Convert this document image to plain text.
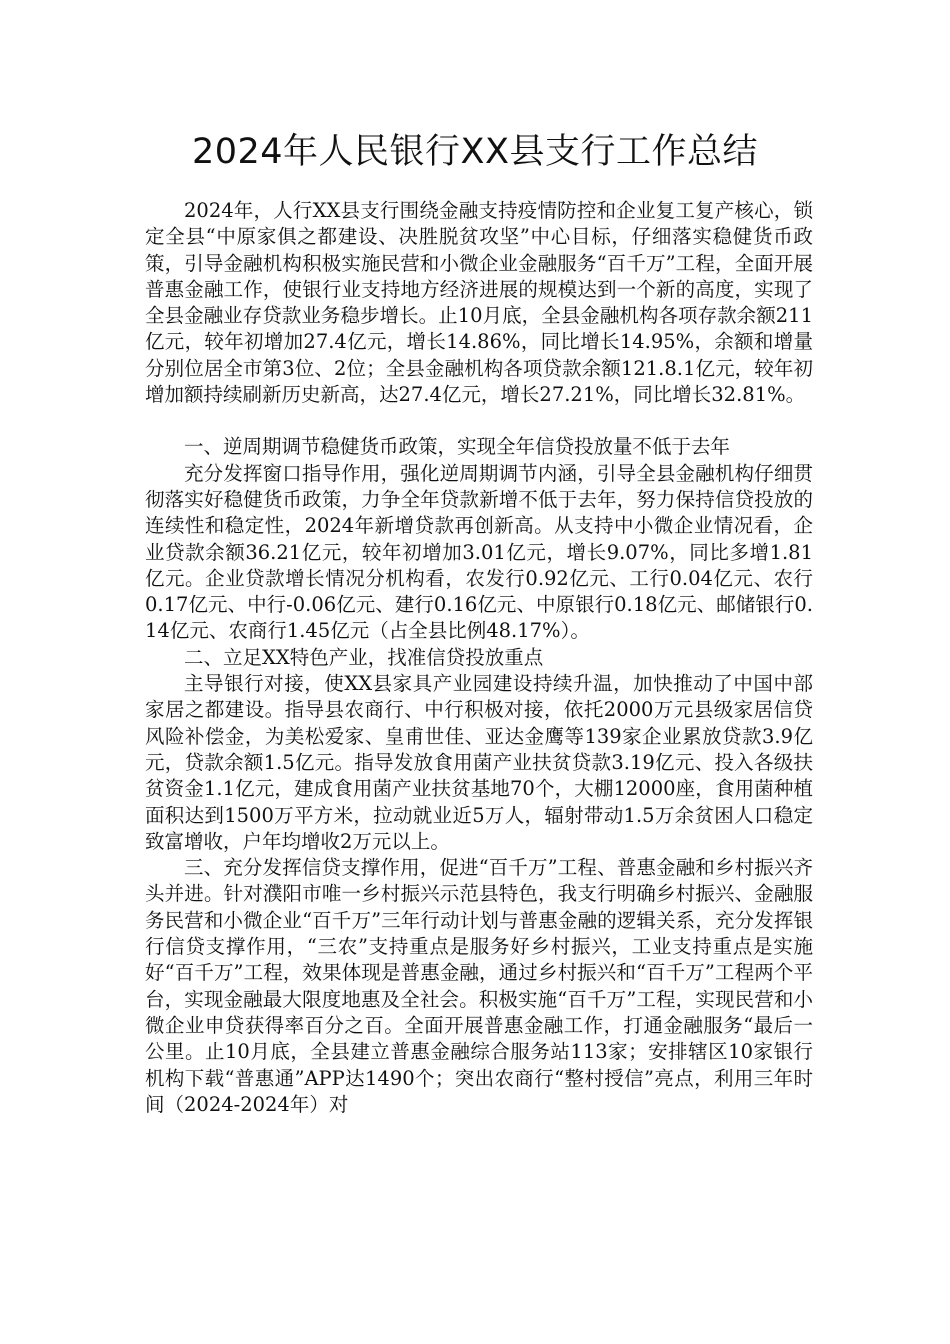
2024年人民银行XX县支行工作总结

2024年，人行XX县支行围绕金融支持疫情防控和企业复工复产核心，锁定全县“中原家俱之都建设、决胜脱贫攻坚”中心目标，仔细落实稳健货币政策，引导金融机构积极实施民营和小微企业金融服务“百千万”工程，全面开展普惠金融工作，使银行业支持地方经济进展的规模达到一个新的高度，实现了全县金融业存贷款业务稳步增长。止10月底，全县金融机构各项存款余额211亿元，较年初增加27.4亿元，增长14.86%，同比增长14.95%，余额和增量分别位居全市第3位、2位；全县金融机构各项贷款余额121.8.1亿元，较年初增加额持续刷新历史新高，达27.4亿元，增长27.21%，同比增长32.81%。

一、逆周期调节稳健货币政策，实现全年信贷投放量不低于去年

充分发挥窗口指导作用，强化逆周期调节内涵，引导全县金融机构仔细贯彻落实好稳健货币政策，力争全年贷款新增不低于去年，努力保持信贷投放的连续性和稳定性，2024年新增贷款再创新高。从支持中小微企业情况看，企业贷款余额36.21亿元，较年初增加3.01亿元，增长9.07%，同比多增1.81亿元。企业贷款增长情况分机构看，农发行0.92亿元、工行0.04亿元、农行0.17亿元、中行-0.06亿元、建行0.16亿元、中原银行0.18亿元、邮储银行0.14亿元、农商行1.45亿元（占全县比例48.17%）。

二、立足XX特色产业，找准信贷投放重点

主导银行对接，使XX县家具产业园建设持续升温，加快推动了中国中部家居之都建设。指导县农商行、中行积极对接，依托2000万元县级家居信贷风险补偿金，为美松爱家、皇甫世佳、亚达金鹰等139家企业累放贷款3.9亿元，贷款余额1.5亿元。指导发放食用菌产业扶贫贷款3.19亿元、投入各级扶贫资金1.1亿元，建成食用菌产业扶贫基地70个，大棚12000座，食用菌种植面积达到1500万平方米，拉动就业近5万人，辐射带动1.5万余贫困人口稳定致富增收，户年均增收2万元以上。

三、充分发挥信贷支撑作用，促进“百千万”工程、普惠金融和乡村振兴齐头并进。针对濮阳市唯一乡村振兴示范县特色，我支行明确乡村振兴、金融服务民营和小微企业“百千万”三年行动计划与普惠金融的逻辑关系，充分发挥银行信贷支撑作用，“三农”支持重点是服务好乡村振兴，工业支持重点是实施好“百千万”工程，效果体现是普惠金融，通过乡村振兴和“百千万”工程两个平台，实现金融最大限度地惠及全社会。积极实施“百千万”工程，实现民营和小微企业申贷获得率百分之百。全面开展普惠金融工作，打通金融服务“最后一公里。止10月底，全县建立普惠金融综合服务站113家；安排辖区10家银行机构下载“普惠通”APP达1490个；突出农商行“整村授信”亮点，利用三年时间（2024-2024年）对
